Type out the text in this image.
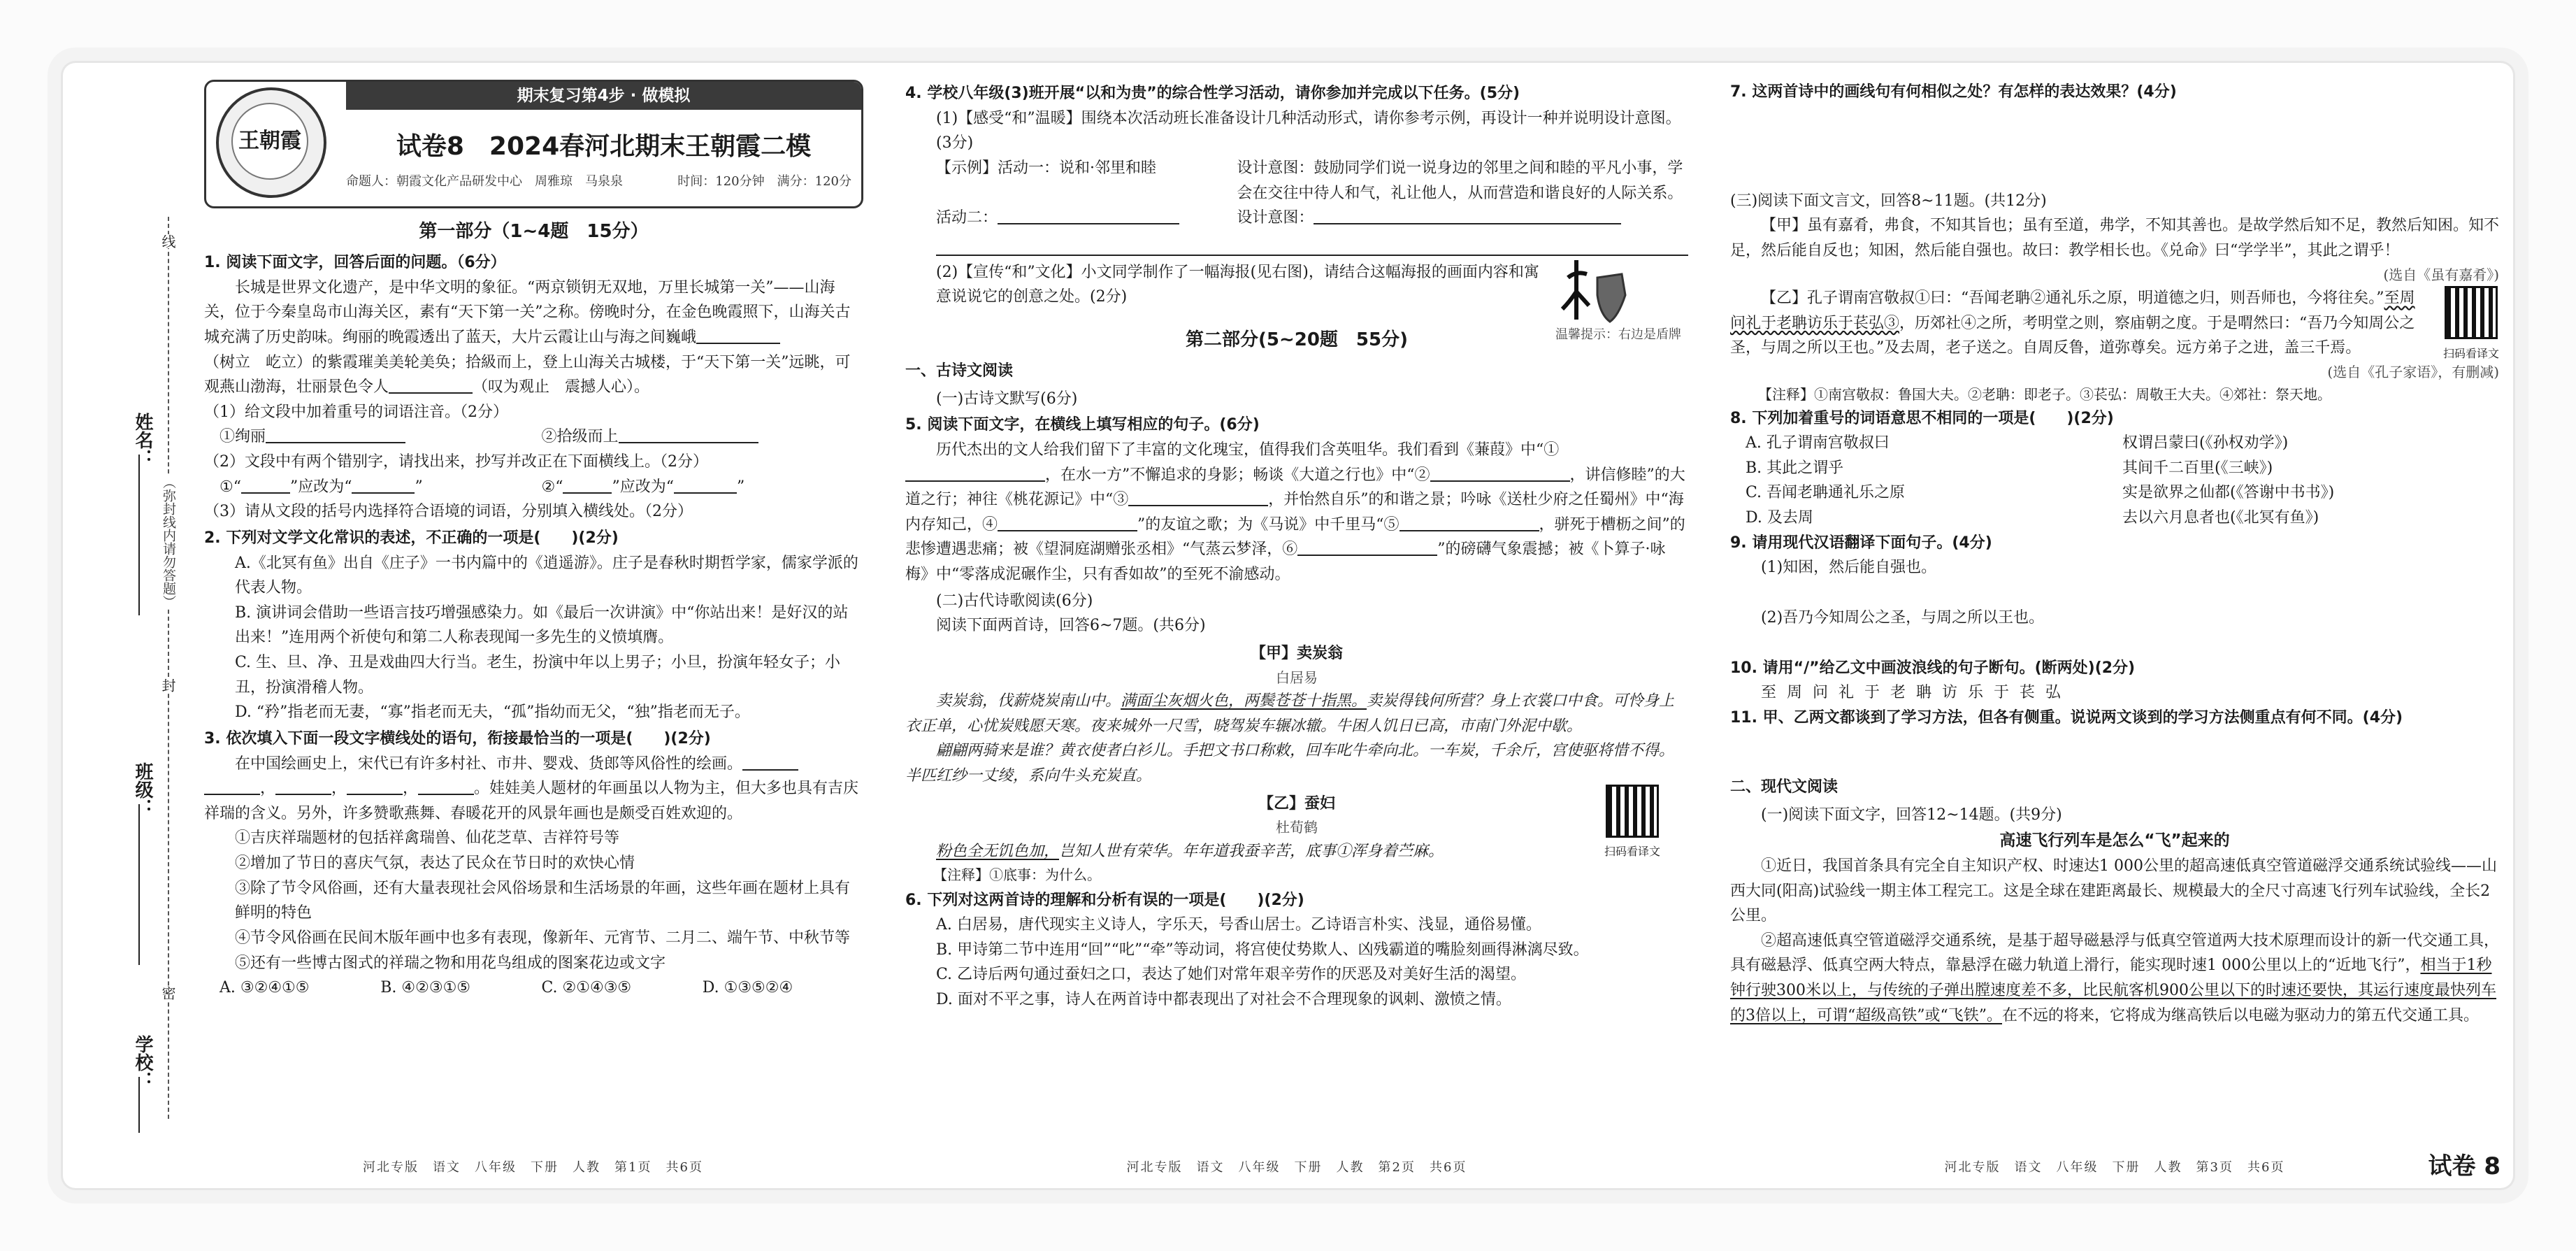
姓名：
班级：
学校：
线
（弥封线内请勿答题）
封
密
王朝霞
期末复习第4步 · 做模拟
试卷8　2024春河北期末王朝霞二模
命题人：朝霞文化产品研发中心　周雅琼　马泉泉	时间：120分钟　满分：120分
第一部分（1~4题　15分）
1. 阅读下面文字，回答后面的问题。（6分）

长城是世界文化遗产，是中华文明的象征。“两京锁钥无双地，万里长城第一关”——山海关，位于今秦皇岛市山海关区，素有“天下第一关”之称。傍晚时分，在金色晚霞照下，山海关古城充满了历史韵味。绚丽的晚霞透出了蓝天，大片云霞让山与海之间巍峨

（树立　屹立）的紫霞璀美美轮美奂；拾級而上，登上山海关古城楼，于“天下第一关”远眺，可观燕山渤海，壮丽景色令人	（叹为观止　震撼人心）。

（1）给文段中加着重号的词语注音。（2分）
①绚丽	②拾级而上
（2）文段中有两个错别字，请找出来，抄写并改正在下面横线上。（2分）
①“	”应改为“	”	②“	”应改为“	”
（3）请从文段的括号内选择符合语境的词语，分别填入横线处。（2分）
2. 下列对文学文化常识的表述，不正确的一项是(　　)(2分)
A.《北冥有鱼》出自《庄子》一书内篇中的《逍遥游》。庄子是春秋时期哲学家，儒家学派的代表人物。
B. 演讲词会借助一些语言技巧增强感染力。如《最后一次讲演》中“你站出来！是好汉的站出来！”连用两个祈使句和第二人称表现闻一多先生的义愤填膺。
C. 生、旦、净、丑是戏曲四大行当。老生，扮演中年以上男子；小旦，扮演年轻女子；小丑，扮演滑稽人物。
D. “矜”指老而无妻，“寡”指老而无夫，“孤”指幼而无父，“独”指老而无子。
3. 依次填入下面一段文字横线处的语句，衔接最恰当的一项是(　　)(2分)

在中国绘画史上，宋代已有许多村社、市井、婴戏、货郎等风俗性的绘画。

，	，	，	。娃娃美人题材的年画虽以人物为主，但大多也具有吉庆祥瑞的含义。另外，许多赞歌燕舞、春暖花开的风景年画也是颇受百姓欢迎的。

①吉庆祥瑞题材的包括祥禽瑞兽、仙花芝草、吉祥符号等
②增加了节日的喜庆气氛，表达了民众在节日时的欢快心情
③除了节令风俗画，还有大量表现社会风俗场景和生活场景的年画，这些年画在题材上具有鲜明的特色
④节令风俗画在民间木版年画中也多有表现，像新年、元宵节、二月二、端午节、中秋节等
⑤还有一些博古图式的祥瑞之物和用花鸟组成的图案花边或文字
A. ③②④①⑤	B. ④②③①⑤	C. ②①④③⑤	D. ①③⑤②④
河北专版　语文　八年级　下册　人教　第1页　共6页
4. 学校八年级(3)班开展“以和为贵”的综合性学习活动，请你参加并完成以下任务。(5分)
(1)【感受“和”温暖】围绕本次活动班长准备设计几种活动形式，请你参考示例，再设计一种并说明设计意图。(3分)
【示例】活动一：说和·邻里和睦	设计意图：鼓励同学们说一说身边的邻里之间和睦的平凡小事，学会在交往中待人和气，礼让他人，从而营造和谐良好的人际关系。
活动二：	设计意图：
(2)【宣传“和”文化】小文同学制作了一幅海报(见右图)，请结合这幅海报的画面内容和寓意说说它的创意之处。(2分)
温馨提示：右边是盾牌
第二部分(5~20题　55分)
一、古诗文阅读
(一)古诗文默写(6分)
5. 阅读下面文字，在横线上填写相应的句子。(6分)

历代杰出的文人给我们留下了丰富的文化瑰宝，值得我们含英咀华。我们看到《蒹葭》中“①，在水一方”不懈追求的身影；畅谈《大道之行也》中“②	，讲信修睦”的大道之行；神往《桃花源记》中“③	，并怡然自乐”的和谐之景；吟咏《送杜少府之任蜀州》中“海内存知己，④	”的友谊之歌；为《马说》中千里马“⑤	，骈死于槽枥之间”的悲惨遭遇悲痛；被《望洞庭湖赠张丞相》“气蒸云梦泽，⑥	”的磅礴气象震撼；被《卜算子·咏梅》中“零落成泥碾作尘，只有香如故”的至死不渝感动。

(二)古代诗歌阅读(6分)
阅读下面两首诗，回答6~7题。(共6分)
【甲】卖炭翁
白居易

卖炭翁，伐薪烧炭南山中。满面尘灰烟火色，两鬓苍苍十指黑。卖炭得钱何所营？身上衣裳口中食。可怜身上衣正单，心忧炭贱愿天寒。夜来城外一尺雪，晓驾炭车辗冰辙。牛困人饥日已高，市南门外泥中歇。

翩翩两骑来是谁？黄衣使者白衫儿。手把文书口称敕，回车叱牛牵向北。一车炭，千余斤，宫使驱将惜不得。半匹红纱一丈绫，系向牛头充炭直。

【乙】蚕妇
杜荀鹤

粉色全无饥色加，岂知人世有荣华。年年道我蚕辛苦，底事①浑身着苎麻。

【注释】①底事：为什么。
扫码看译文
6. 下列对这两首诗的理解和分析有误的一项是(　　)(2分)
A. 白居易，唐代现实主义诗人，字乐天，号香山居士。乙诗语言朴实、浅显，通俗易懂。
B. 甲诗第二节中连用“回”“叱”“牵”等动词，将宫使仗势欺人、凶残霸道的嘴脸刻画得淋漓尽致。
C. 乙诗后两句通过蚕妇之口，表达了她们对常年艰辛劳作的厌恶及对美好生活的渴望。
D. 面对不平之事，诗人在两首诗中都表现出了对社会不合理现象的讽刺、激愤之情。
河北专版　语文　八年级　下册　人教　第2页　共6页
7. 这两首诗中的画线句有何相似之处？有怎样的表达效果？(4分)
(三)阅读下面文言文，回答8~11题。(共12分)

【甲】虽有嘉肴，弗食，不知其旨也；虽有至道，弗学，不知其善也。是故学然后知不足，教然后知困。知不足，然后能自反也；知困，然后能自强也。故曰：教学相长也。《兑命》曰“学学半”，其此之谓乎！

(选自《虽有嘉肴》)

【乙】孔子谓南宫敬叔①曰：“吾闻老聃②通礼乐之原，明道德之归，则吾师也，今将往矣。”至周问礼于老聃访乐于苌弘③，历郊社④之所，考明堂之则，察庙朝之度。于是喟然曰：“吾乃今知周公之圣，与周之所以王也。”及去周，老子送之。自周反鲁，道弥尊矣。远方弟子之进，盖三千焉。	扫码看译文
(选自《孔子家语》，有删减)
【注释】①南宫敬叔：鲁国大夫。②老聃：即老子。③苌弘：周敬王大夫。④郊社：祭天地。
8. 下列加着重号的词语意思不相同的一项是(　　)(2分)
A. 孔子谓南宫敬叔曰	权谓吕蒙曰(《孙权劝学》)
B. 其此之谓乎	其间千二百里(《三峡》)
C. 吾闻老聃通礼乐之原	实是欲界之仙都(《答谢中书书》)
D. 及去周	去以六月息者也(《北冥有鱼》)
9. 请用现代汉语翻译下面句子。(4分)
(1)知困，然后能自强也。
(2)吾乃今知周公之圣，与周之所以王也。
10. 请用“/”给乙文中画波浪线的句子断句。(断两处)(2分)
至 周 问 礼 于 老 聃 访 乐 于 苌 弘
11. 甲、乙两文都谈到了学习方法，但各有侧重。说说两文谈到的学习方法侧重点有何不同。(4分)
二、现代文阅读
(一)阅读下面文字，回答12~14题。(共9分)
高速飞行列车是怎么“飞”起来的

①近日，我国首条具有完全自主知识产权、时速达1 000公里的超高速低真空管道磁浮交通系统试验线——山西大同(阳高)试验线一期主体工程完工。这是全球在建距离最长、规模最大的全尺寸高速飞行列车试验线，全长2公里。

②超高速低真空管道磁浮交通系统，是基于超导磁悬浮与低真空管道两大技术原理而设计的新一代交通工具，具有磁悬浮、低真空两大特点，靠悬浮在磁力轨道上滑行，能实现时速1 000公里以上的“近地飞行”，相当于1秒钟行驶300米以上，与传统的子弹出膛速度差不多，比民航客机900公里以下的时速还要快，其运行速度最快列车的3倍以上，可谓“超级高铁”或“飞铁”。在不远的将来，它将成为继高铁后以电磁为驱动力的第五代交通工具。

河北专版　语文　八年级　下册　人教　第3页　共6页	试卷 8
